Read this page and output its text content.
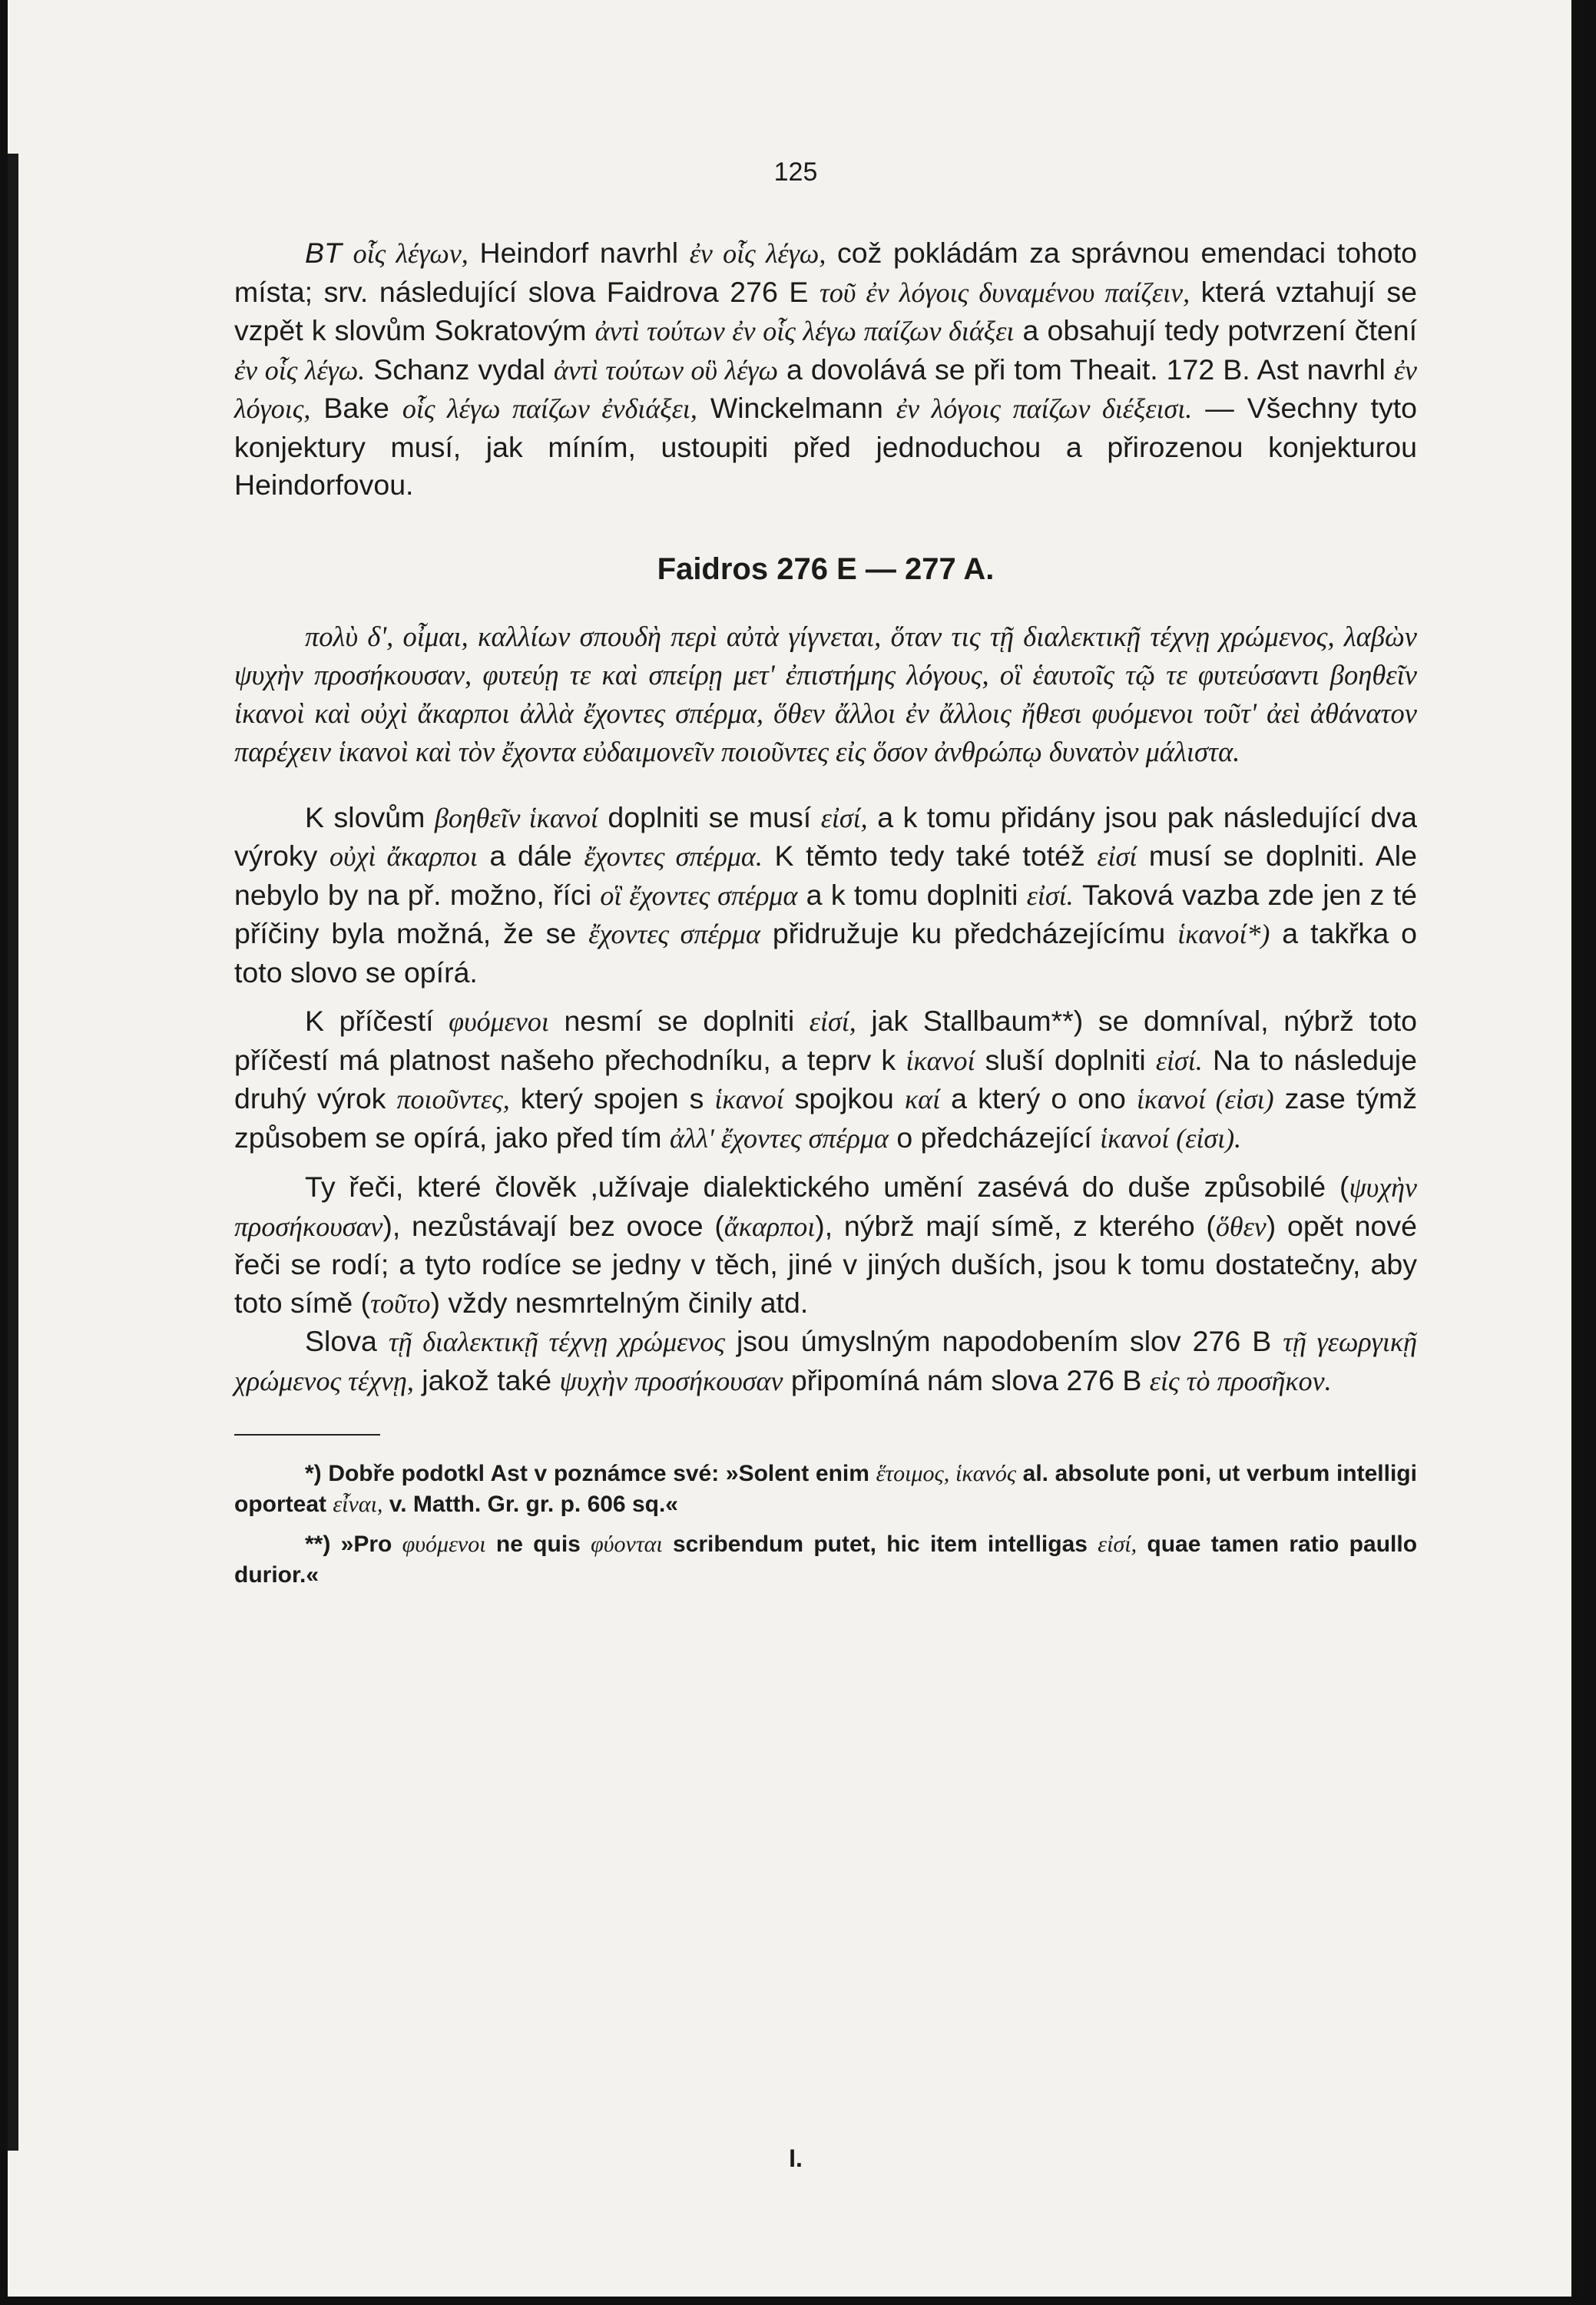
125

BT οἷς λέγων, Heindorf navrhl ἐν οἷς λέγω, což pokládám za správnou emendaci tohoto místa; srv. následující slova Faidrova 276 E τοῦ ἐν λόγοις δυναμένου παίζειν, která vztahují se vzpět k slovům Sokratovým ἀντὶ τούτων ἐν οἷς λέγω παίζων διάξει a obsahují tedy potvrzení čtení ἐν οἷς λέγω. Schanz vydal ἀντὶ τούτων οὓ λέγω a dovolává se při tom Theait. 172 B. Ast navrhl ἐν λόγοις, Bake οἷς λέγω παίζων ἐνδιάξει, Winckelmann ἐν λόγοις παίζων διέξεισι. — Všechny tyto konjektury musí, jak míním, ustoupiti před jednoduchou a přirozenou konjekturou Heindorfovou.

Faidros 276 E — 277 A.

πολὺ δ', οἶμαι, καλλίων σπουδὴ περὶ αὐτὰ γίγνεται, ὅταν τις τῇ διαλεκτικῇ τέχνῃ χρώμενος, λαβὼν ψυχὴν προσήκουσαν, φυτεύῃ τε καὶ σπείρῃ μετ' ἐπιστήμης λόγους, οἳ ἑαυτοῖς τῷ τε φυτεύσαντι βοηθεῖν ἱκανοὶ καὶ οὐχὶ ἄκαρποι ἀλλὰ ἔχοντες σπέρμα, ὅθεν ἄλλοι ἐν ἄλλοις ἤθεσι φυόμενοι τοῦτ' ἀεὶ ἀθάνατον παρέχειν ἱκανοὶ καὶ τὸν ἔχοντα εὐδαιμονεῖν ποιοῦντες εἰς ὅσον ἀνθρώπῳ δυνατὸν μάλιστα.

K slovům βοηθεῖν ἱκανοί doplniti se musí εἰσί, a k tomu přidány jsou pak následující dva výroky οὐχὶ ἄκαρποι a dále ἔχοντες σπέρμα. K těmto tedy také totéž εἰσί musí se doplniti. Ale nebylo by na př. možno, říci οἳ ἔχοντες σπέρμα a k tomu doplniti εἰσί. Taková vazba zde jen z té příčiny byla možná, že se ἔχοντες σπέρμα přidružuje ku předcházejícímu ἱκανοί*) a takřka o toto slovo se opírá.

K příčestí φυόμενοι nesmí se doplniti εἰσί, jak Stallbaum**) se domníval, nýbrž toto příčestí má platnost našeho přechodníku, a teprv k ἱκανοί sluší doplniti εἰσί. Na to následuje druhý výrok ποιοῦντες, který spojen s ἱκανοί spojkou καί a který o ono ἱκανοί (εἰσι) zase týmž způsobem se opírá, jako před tím ἀλλ' ἔχοντες σπέρμα o předcházející ἱκανοί (εἰσι).

Ty řeči, které člověk ,užívaje dialektického umění zasévá do duše způsobilé (ψυχὴν προσήκουσαν), nezůstávají bez ovoce (ἄκαρποι), nýbrž mají símě, z kterého (ὅθεν) opět nové řeči se rodí; a tyto rodíce se jedny v těch, jiné v jiných duších, jsou k tomu dostatečny, aby toto símě (τοῦτο) vždy nesmrtelným činily atd.

Slova τῇ διαλεκτικῇ τέχνῃ χρώμενος jsou úmyslným napodobením slov 276 B τῇ γεωργικῇ χρώμενος τέχνῃ, jakož také ψυχὴν προσήκουσαν připomíná nám slova 276 B εἰς τὸ προσῆκον.

*) Dobře podotkl Ast v poznámce své: »Solent enim ἕτοιμος, ἱκανός al. absolute poni, ut verbum intelligi oporteat εἶναι, v. Matth. Gr. gr. p. 606 sq.«

**) »Pro φυόμενοι ne quis φύονται scribendum putet, hic item intelligas εἰσί, quae tamen ratio paullo durior.«

I.
